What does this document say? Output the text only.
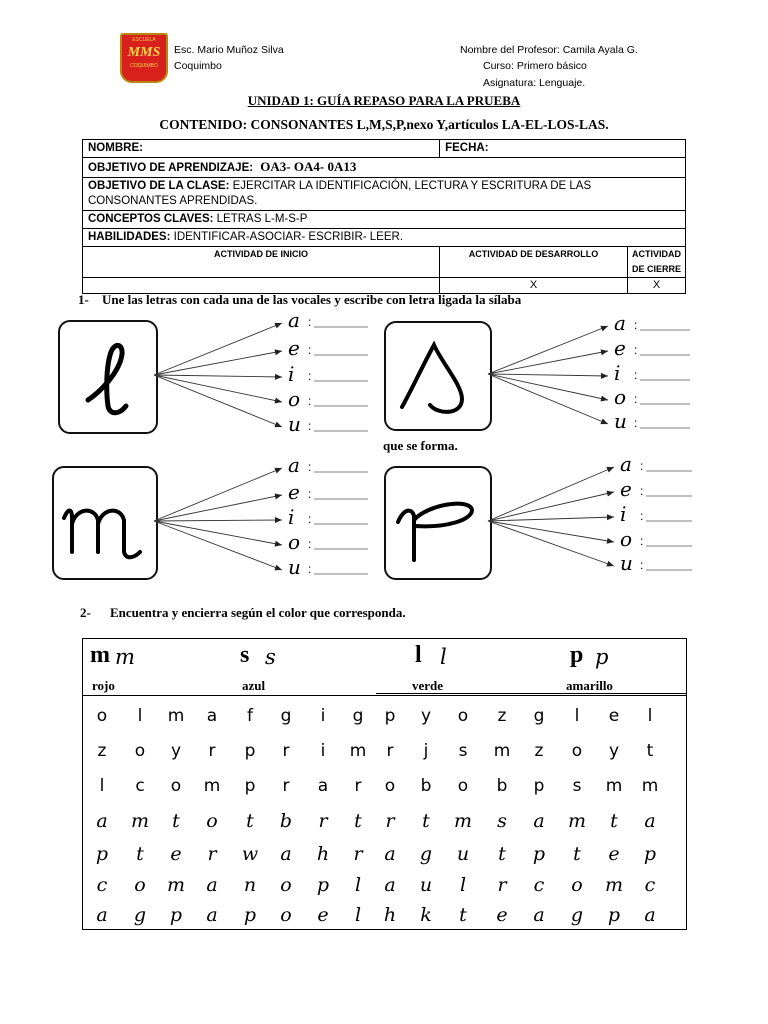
ESCUELA
MMS
COQUIMBO
Esc. Mario Muñoz Silva
Coquimbo
Nombre del Profesor: Camila Ayala G.
Curso: Primero básico
Asignatura: Lenguaje.
UNIDAD 1: GUÍA REPASO PARA LA PRUEBA
CONTENIDO: CONSONANTES L,M,S,P,nexo Y,artículos LA-EL-LOS-LAS.
NOMBRE:	FECHA:	
OBJETIVO DE APRENDIZAJE: OA3- OA4- 0A13		
OBJETIVO DE LA CLASE: EJERCITAR LA IDENTIFICACIÓN, LECTURA Y ESCRITURA DE LAS CONSONANTES APRENDIDAS.		
CONCEPTOS CLAVES: LETRAS L-M-S-P		
HABILIDADES: IDENTIFICAR-ASOCIAR- ESCRIBIR- LEER.		
ACTIVIDAD DE INICIO	ACTIVIDAD DE DESARROLLO	ACTIVIDAD DE CIERRE
	X	X
1- Une las letras con cada una de las vocales y escribe con letra ligada la sílaba
que se forma.
a :
e :
i :
o :
u :
a :
e :
i :
o :
u :
a :
e :
i :
o :
u :
a :
e :
i :
o :
u :
2- Encuentra y encierra según el color que corresponda.
m m
rojo
s s
azul
l l
verde
p p
amarillo
o l m a f g i g p y o z g l e l
z o y r p r i m r j s m z o y t
l c o m p r a r o b o b p s m m
a m t o t b r t r t m s a m t a
p t e r w a h r a g u t p t e p
c o m a n o p l a u l r c o m c
a g p a p o e l h k t e a g p a
